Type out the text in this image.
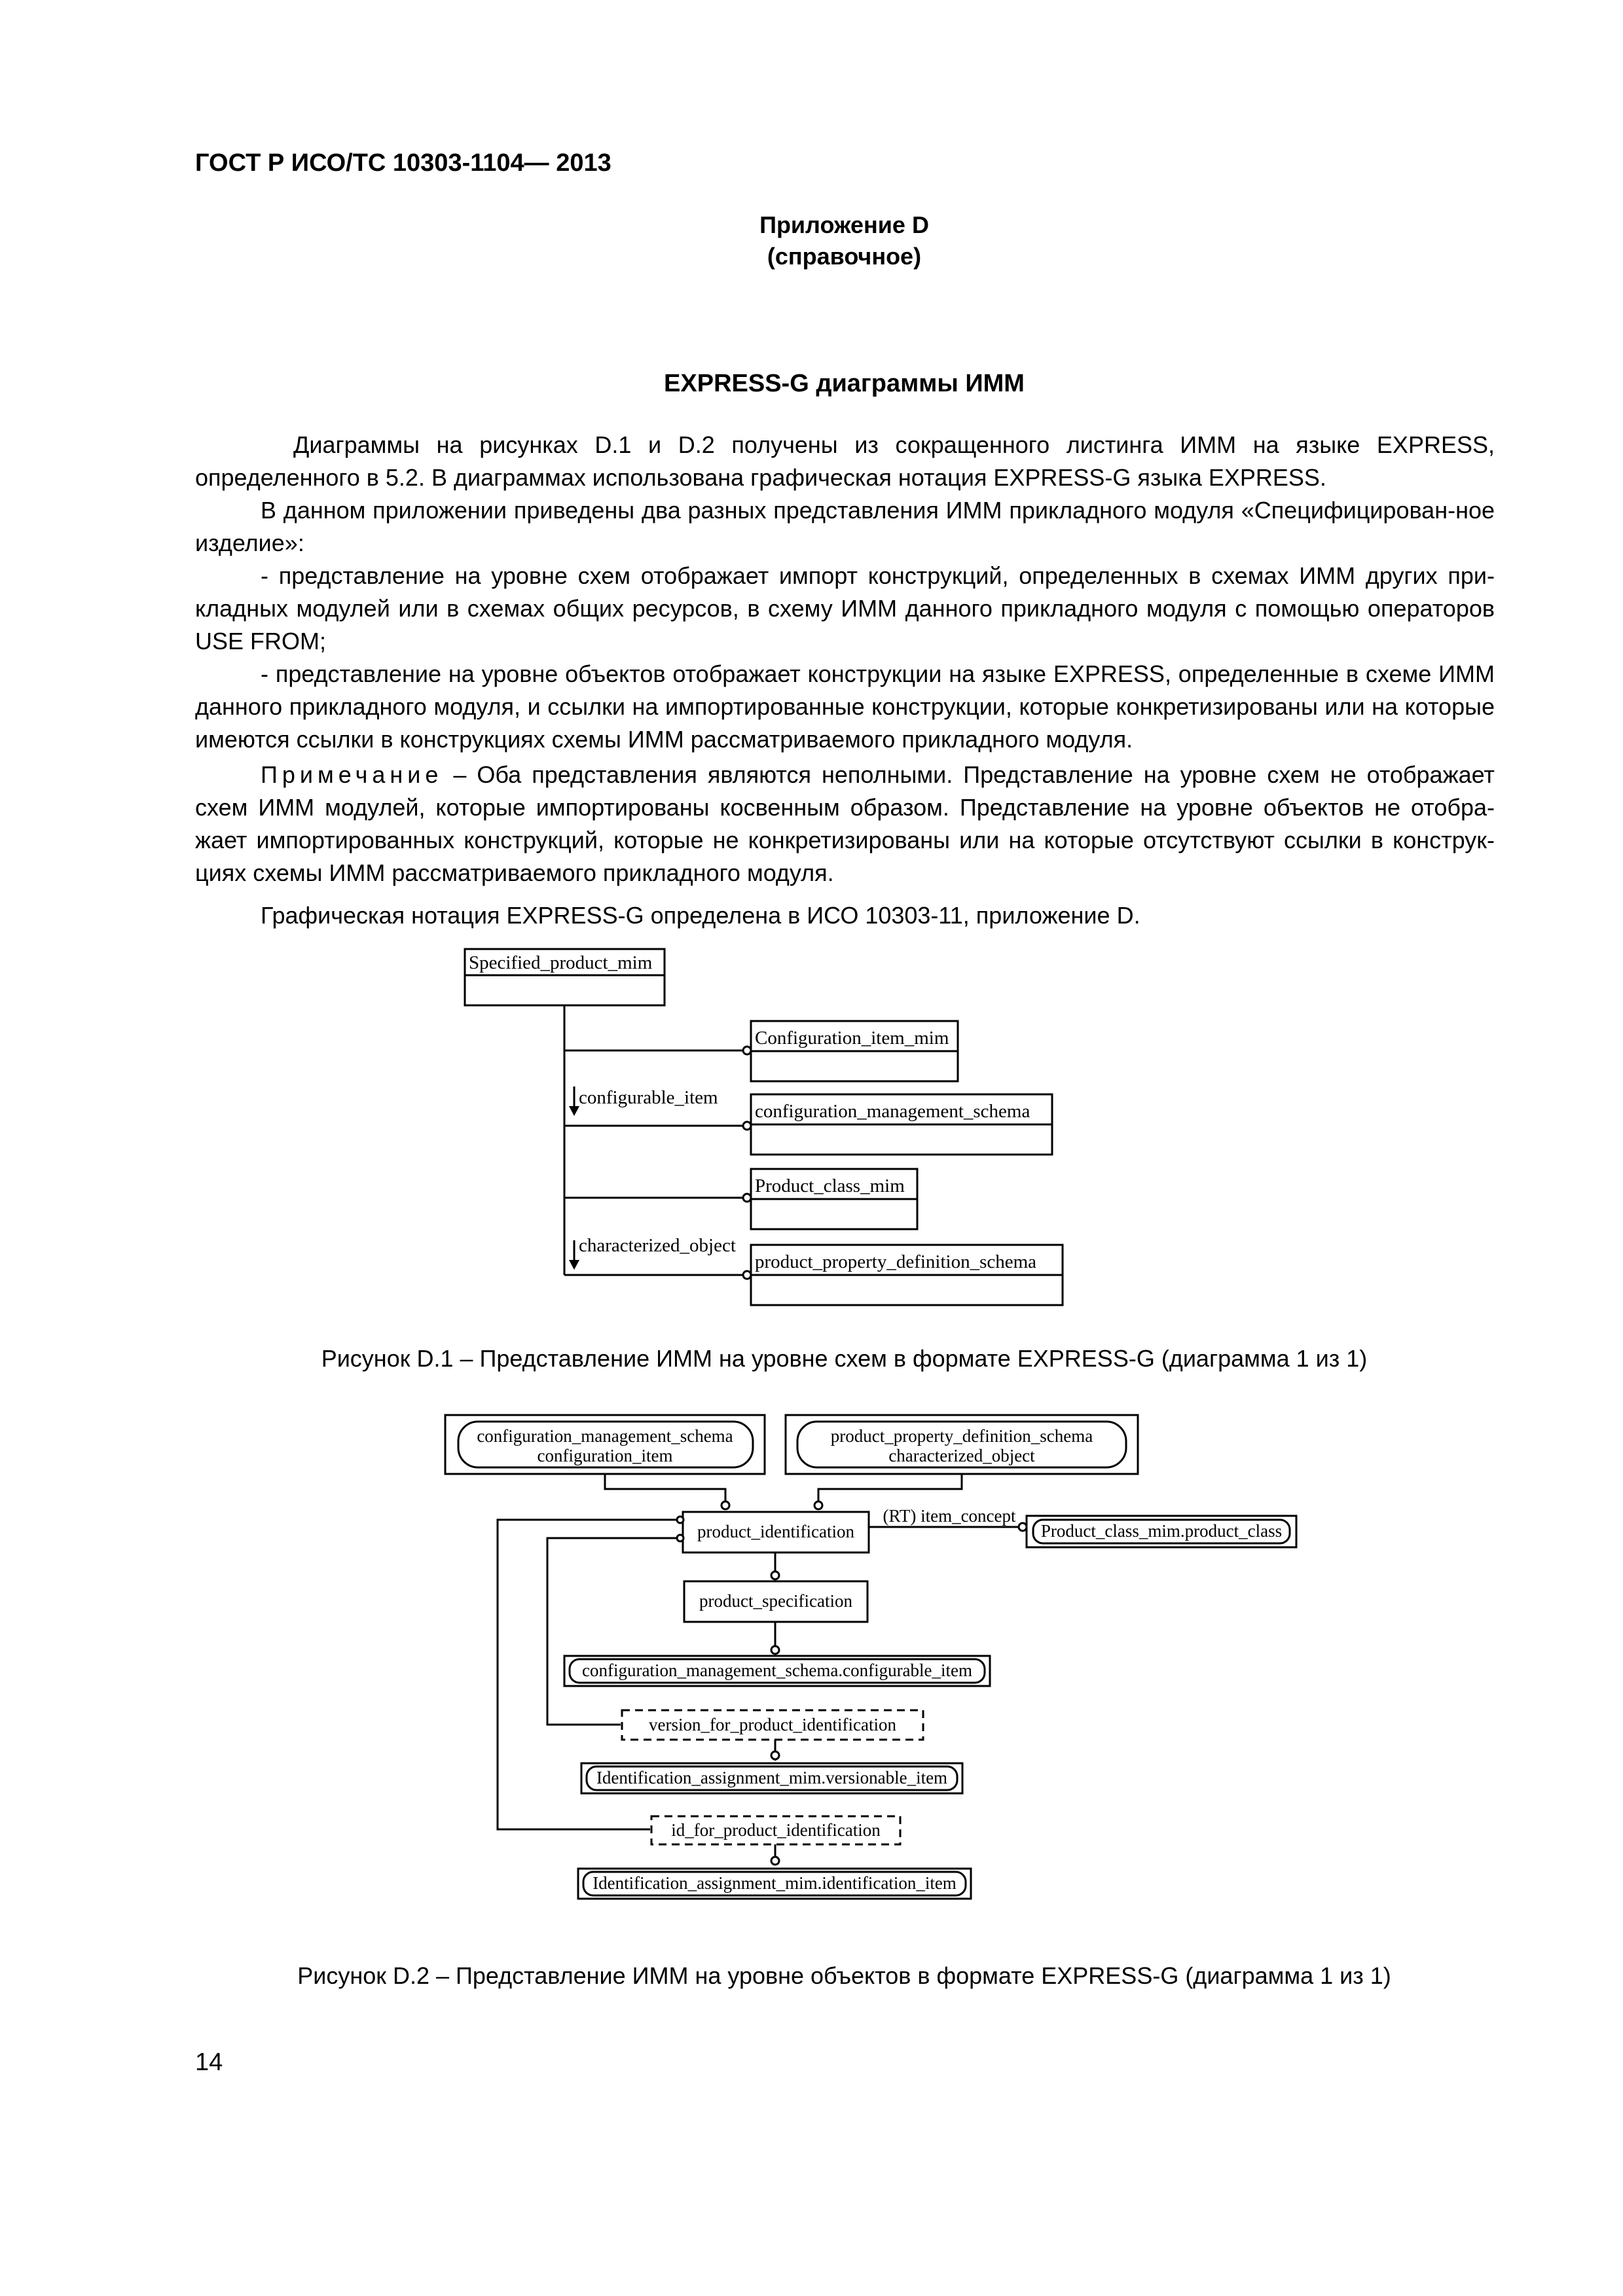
ГОСТ Р ИСО/ТС 10303-1104— 2013
Приложение D
(справочное)
EXPRESS-G диаграммы ИММ

Диаграммы на рисунках D.1 и D.2 получены из сокращенного листинга ИММ на языке EXPRESS, определенного в 5.2. В диаграммах использована графическая нотация EXPRESS-G языка EXPRESS.

В данном приложении приведены два разных представления ИММ прикладного модуля «Специфицирован-ное изделие»:

- представление на уровне схем отображает импорт конструкций, определенных в схемах ИММ других при-кладных модулей или в схемах общих ресурсов, в схему ИММ данного прикладного модуля с помощью операторов USE FROM;

- представление на уровне объектов отображает конструкции на языке EXPRESS, определенные в схеме ИММ данного прикладного модуля, и ссылки на импортированные конструкции, которые конкретизированы или на которые имеются ссылки в конструкциях схемы ИММ рассматриваемого прикладного модуля.

Примечание – Оба представления являются неполными. Представление на уровне схем не отображает схем ИММ модулей, которые импортированы косвенным образом. Представление на уровне объектов не отобра-жает импортированных конструкций, которые не конкретизированы или на которые отсутствуют ссылки в конструк-циях схемы ИММ рассматриваемого прикладного модуля.

Графическая нотация EXPRESS-G определена в ИСО 10303-11, приложение D.
Specified_product_mim
Configuration_item_mim
configuration_management_schema
Product_class_mim
product_property_definition_schema
configurable_item
characterized_object
configuration_management_schema
configuration_item
product_property_definition_schema
characterized_object
product_identification
product_specification
configuration_management_schema.configurable_item
version_for_product_identification
Identification_assignment_mim.versionable_item
id_for_product_identification
Identification_assignment_mim.identification_item
Product_class_mim.product_class
(RT) item_concept
Рисунок D.1 – Представление ИММ на уровне схем в формате EXPRESS-G (диаграмма 1 из 1)
Рисунок D.2 – Представление ИММ на уровне объектов в формате EXPRESS-G (диаграмма 1 из 1)
14
